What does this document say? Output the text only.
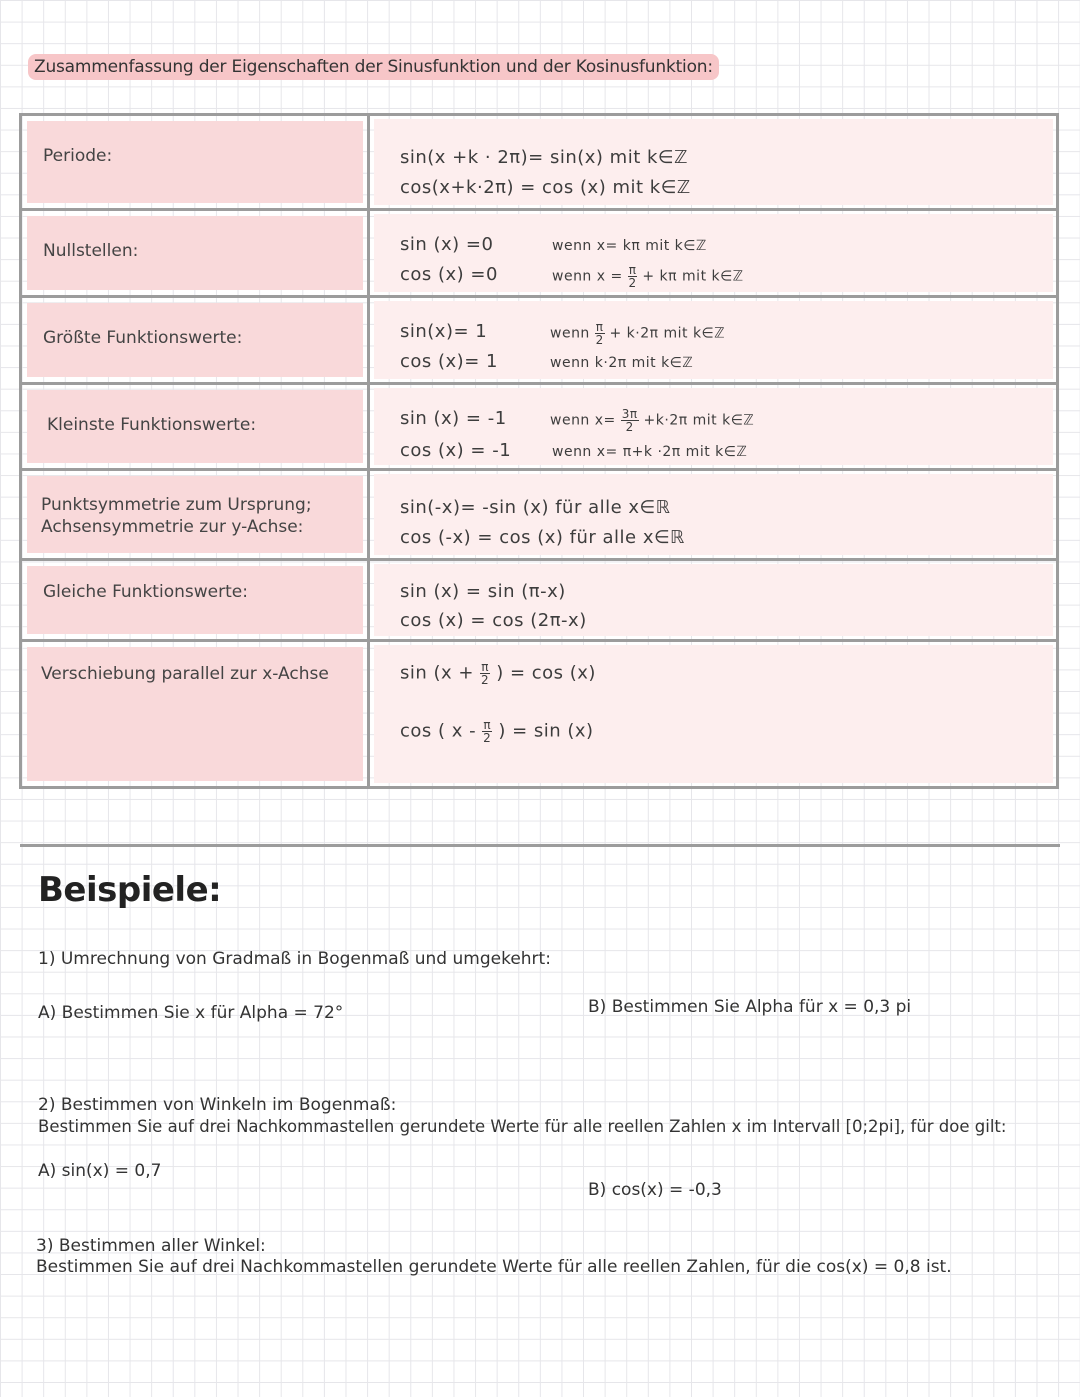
Zusammenfassung der Eigenschaften der Sinusfunktion und der Kosinusfunktion:
Periode:	sin(x +k · 2π)= sin(x) mit k∈ℤ
cos(x+k·2π) = cos (x) mit k∈ℤ
Nullstellen:	sin (x) =0	wenn x= kπ mit k∈ℤ
cos (x) =0	wenn $x = \frac{\pi}{2} + k\pi$ mit k∈ℤ
Größte Funktionswerte:	sin(x)= 1	wenn $\frac{\pi}{2} + k\cdot 2\pi$ mit k∈ℤ
cos (x)= 1	wenn k·2π mit k∈ℤ
Kleinste Funktionswerte:	sin (x) = -1	wenn $x= \frac{3\pi}{2} +k\cdot 2\pi$ mit k∈ℤ
cos (x) = -1	wenn x= π+k ·2π mit k∈ℤ
Punktsymmetrie zum Ursprung;
Achsensymmetrie zur y-Achse:
sin(-x)= -sin (x) für alle x∈ℝ
cos (-x) = cos (x) für alle x∈ℝ
Gleiche Funktionswerte:	sin (x) = sin (π-x)
cos (x) = cos (2π-x)
Verschiebung parallel zur x-Achse	$\sin (x + \frac{\pi}{2}$ ) = cos (x)
cos ( x - $\frac{\pi}{2}$ ) = sin (x)
Beispiele:
1) Umrechnung von Gradmaß in Bogenmaß und umgekehrt:
A) Bestimmen Sie x für Alpha = 72°	B) Bestimmen Sie Alpha für x = 0,3 pi
2) Bestimmen von Winkeln im Bogenmaß:
Bestimmen Sie auf drei Nachkommastellen gerundete Werte für alle reellen Zahlen x im Intervall [0;2pi], für doe gilt:
A) sin(x) = 0,7
B) cos(x) = -0,3
3) Bestimmen aller Winkel:
Bestimmen Sie auf drei Nachkommastellen gerundete Werte für alle reellen Zahlen, für die cos(x) = 0,8 ist.
